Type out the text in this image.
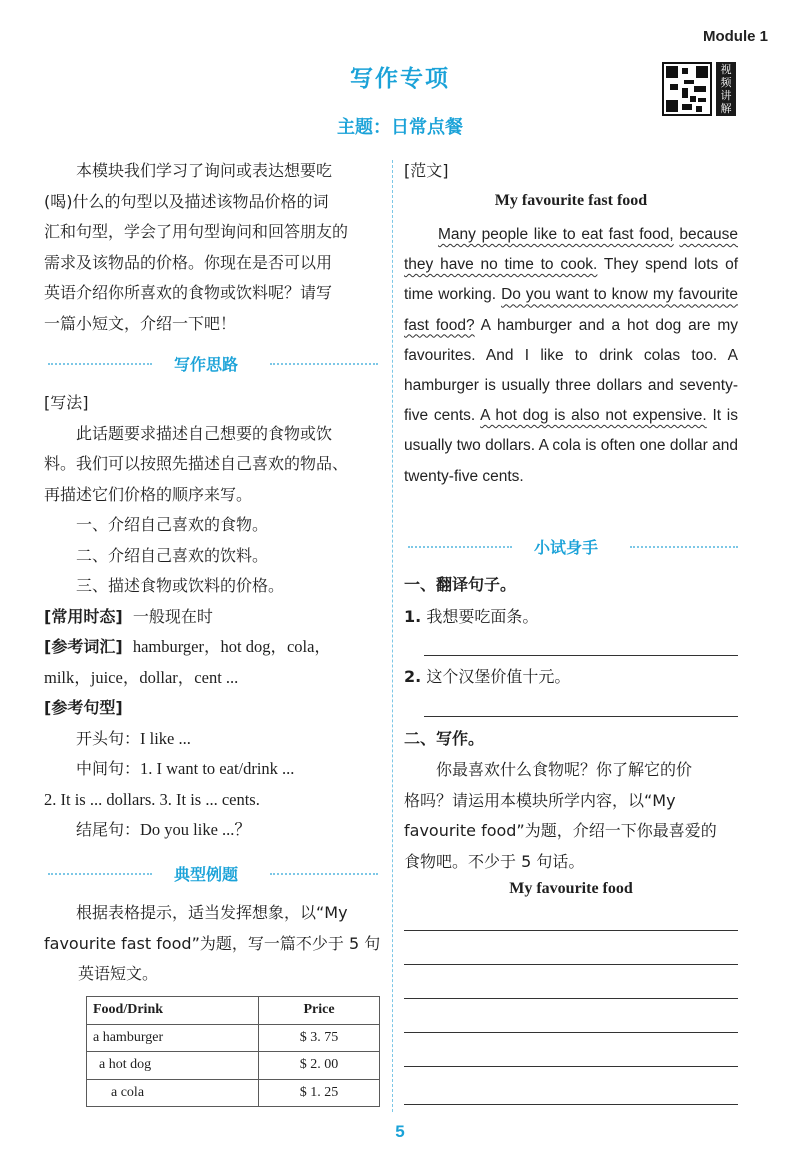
Module 1
视频讲解
写作专项
主题：日常点餐
本模块我们学习了询问或表达想要吃
(喝)什么的句型以及描述该物品价格的词
汇和句型，学会了用句型询问和回答朋友的
需求及该物品的价格。你现在是否可以用
英语介绍你所喜欢的食物或饮料呢？请写
一篇小短文，介绍一下吧！
写作思路
[写法]
此话题要求描述自己想要的食物或饮
料。我们可以按照先描述自己喜欢的物品、
再描述它们价格的顺序来写。
一、介绍自己喜欢的食物。
二、介绍自己喜欢的饮料。
三、描述食物或饮料的价格。
[常用时态] 一般现在时
[参考词汇] hamburger，hot dog，cola，
milk，juice，dollar，cent ...
[参考句型]
开头句：I like ...
中间句：1. I want to eat/drink ...
2. It is ... dollars. 3. It is ... cents.
结尾句：Do you like ...？
典型例题
根据表格提示，适当发挥想象，以“My
favourite fast food”为题，写一篇不少于 5 句
英语短文。
Food/Drink	Price
a hamburger	$ 3. 75
a hot dog	$ 2. 00
a cola	$ 1. 25
[范文]
My favourite fast food
Many people like to eat fast food, because they have no time to cook. They spend lots of time working. Do you want to know my favourite fast food? A hamburger and a hot dog are my favourites. And I like to drink colas too. A hamburger is usually three dollars and seventy-five cents. A hot dog is also not expensive. It is usually two dollars. A cola is often one dollar and twenty-five cents.
小试身手
一、翻译句子。
1. 我想要吃面条。
2. 这个汉堡价值十元。
二、写作。
你最喜欢什么食物呢？你了解它的价
格吗？请运用本模块所学内容，以“My
favourite food”为题，介绍一下你最喜爱的
食物吧。不少于 5 句话。
My favourite food
5
